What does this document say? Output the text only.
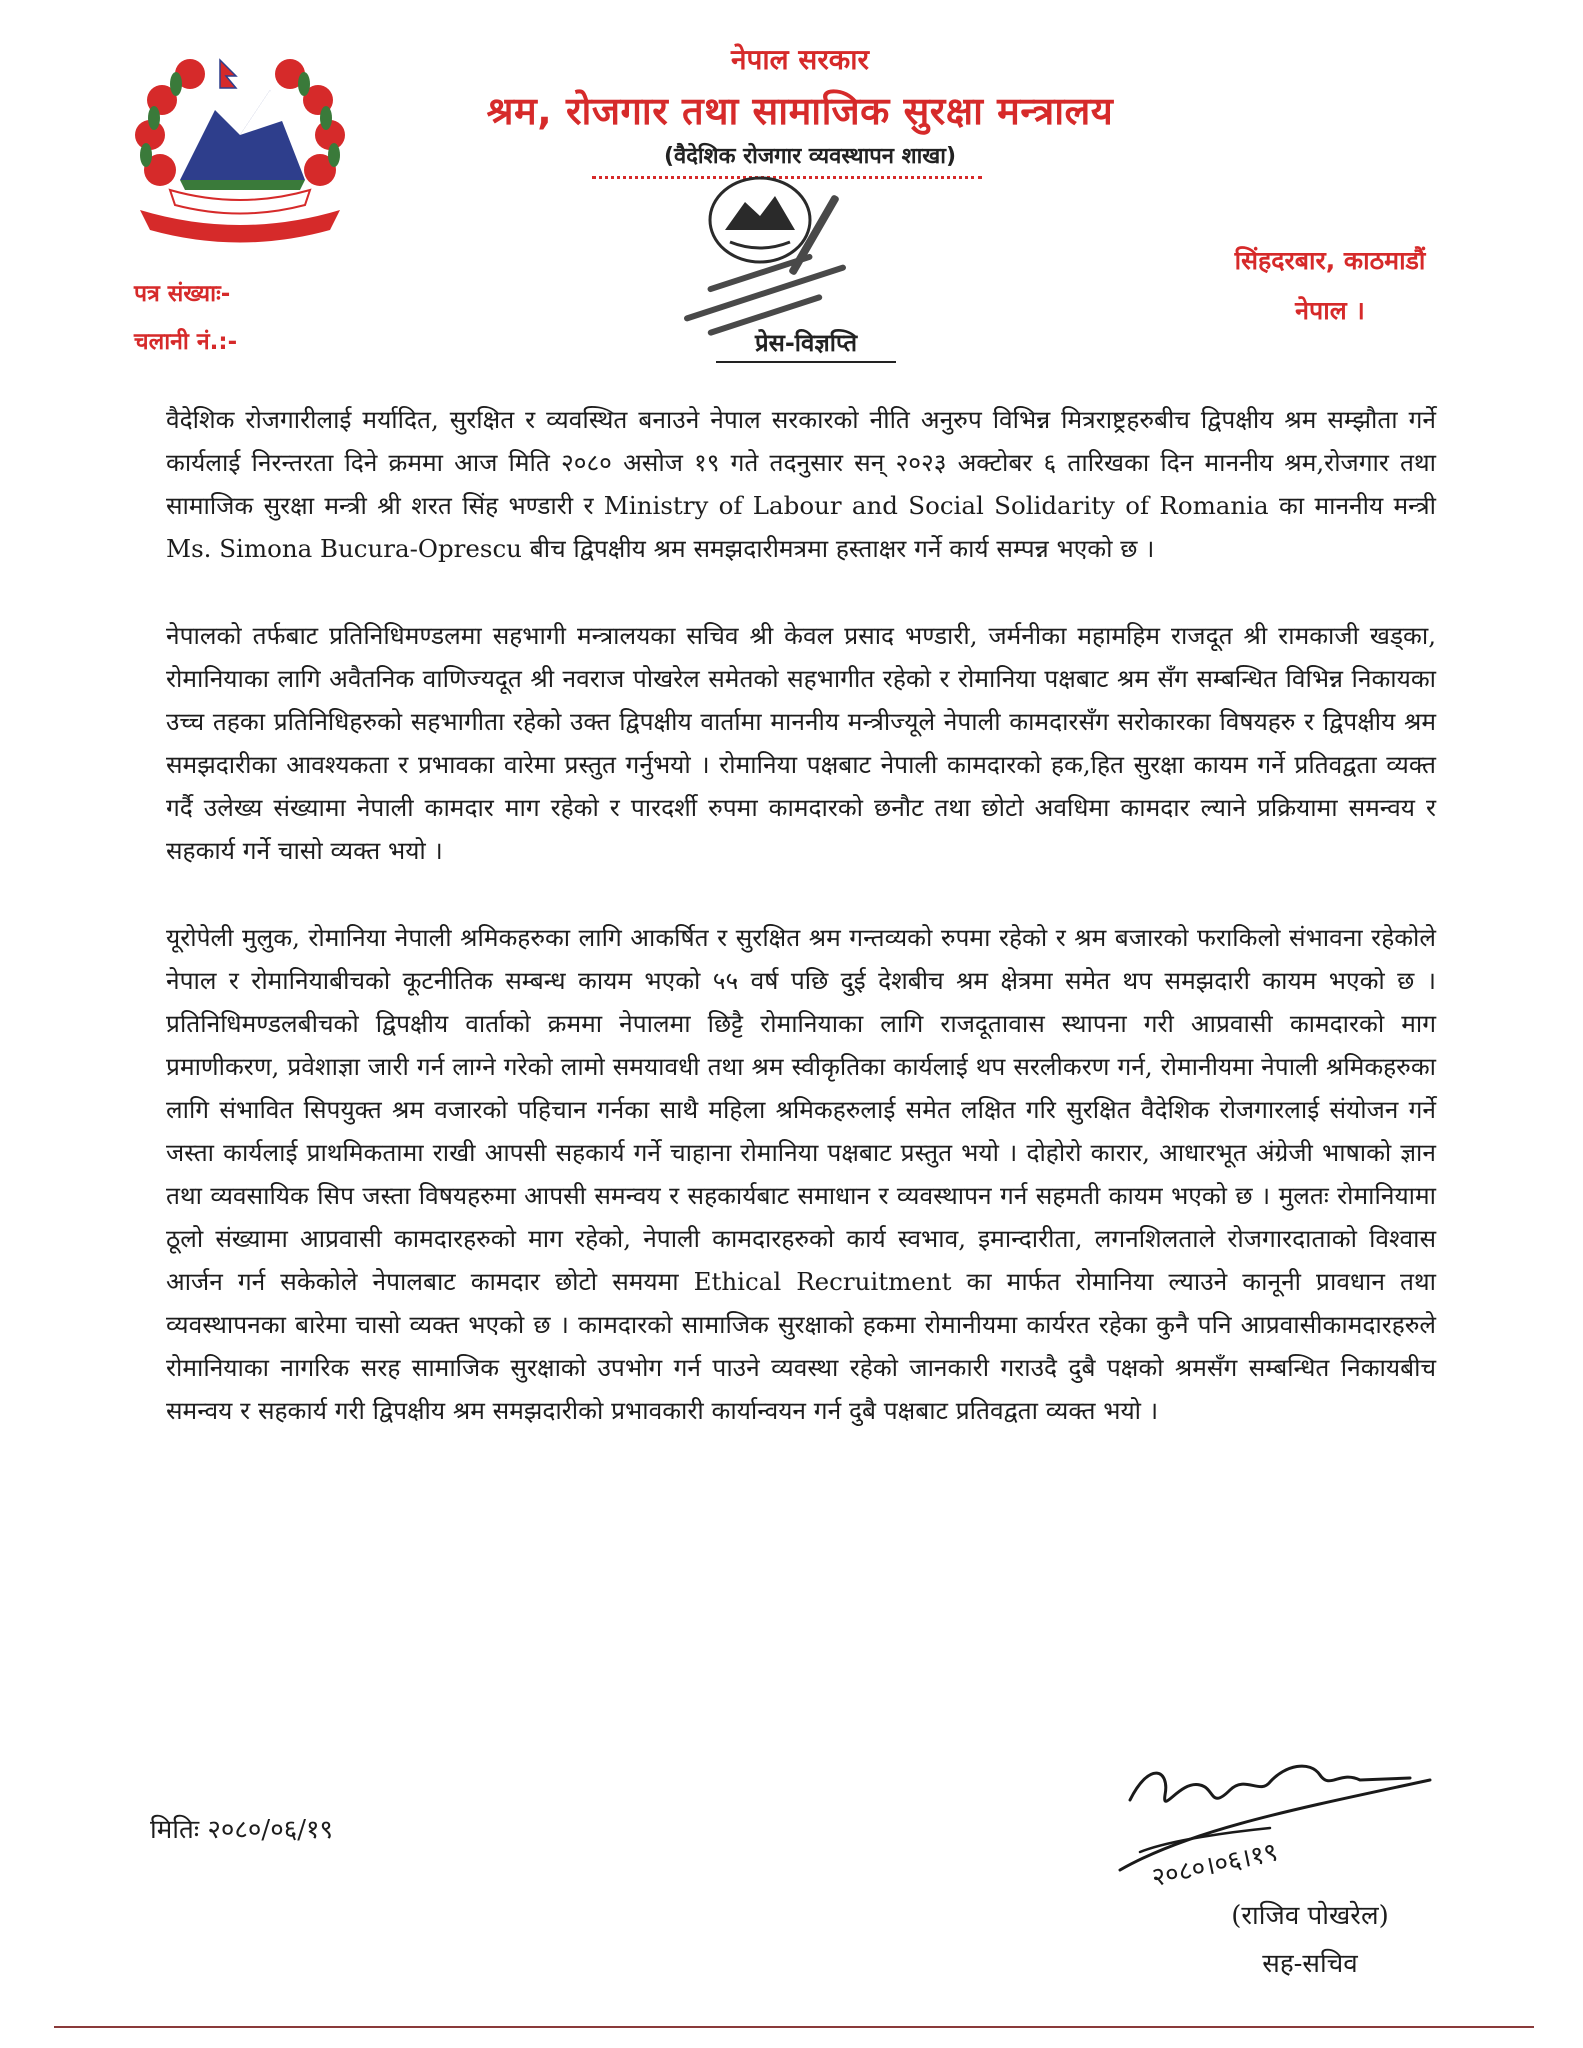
नेपाल सरकार
श्रम, रोजगार तथा सामाजिक सुरक्षा मन्त्रालय
(वैदेशिक रोजगार व्यवस्थापन शाखा)
सिंहदरबार, काठमाडौं
नेपाल ।
पत्र संख्याः-
चलानी नं.:-	प्रेस-विज्ञप्ति

वैदेशिक रोजगारीलाई मर्यादित, सुरक्षित र व्यवस्थित बनाउने नेपाल सरकारको नीति अनुरुप विभिन्न मित्रराष्ट्रहरुबीच द्विपक्षीय श्रम सम्झौता गर्ने कार्यलाई निरन्तरता दिने क्रममा आज मिति २०८० असोज १९ गते तदनुसार सन् २०२३ अक्टोबर ६ तारिखका दिन माननीय श्रम,रोजगार तथा सामाजिक सुरक्षा मन्त्री श्री शरत सिंह भण्डारी र Ministry of Labour and Social Solidarity of Romania का माननीय मन्त्री Ms. Simona Bucura-Oprescu बीच द्विपक्षीय श्रम समझदारीमत्रमा हस्ताक्षर गर्ने कार्य सम्पन्न भएको छ ।

नेपालको तर्फबाट प्रतिनिधिमण्डलमा सहभागी मन्त्रालयका सचिव श्री केवल प्रसाद भण्डारी, जर्मनीका महामहिम राजदूत श्री रामकाजी खड्का, रोमानियाका लागि अवैतनिक वाणिज्यदूत श्री नवराज पोखरेल समेतको सहभागीत रहेको र रोमानिया पक्षबाट श्रम सँग सम्बन्धित विभिन्न निकायका उच्च तहका प्रतिनिधिहरुको सहभागीता रहेको उक्त द्विपक्षीय वार्तामा माननीय मन्त्रीज्यूले नेपाली कामदारसँग सरोकारका विषयहरु र द्विपक्षीय श्रम समझदारीका आवश्यकता र प्रभावका वारेमा प्रस्तुत गर्नुभयो । रोमानिया पक्षबाट नेपाली कामदारको हक,हित सुरक्षा कायम गर्ने प्रतिवद्वता व्यक्त गर्दै उलेख्य संख्यामा नेपाली कामदार माग रहेको र पारदर्शी रुपमा कामदारको छनौट तथा छोटो अवधिमा कामदार ल्याने प्रक्रियामा समन्वय र सहकार्य गर्ने चासो व्यक्त भयो ।

यूरोपेली मुलुक, रोमानिया नेपाली श्रमिकहरुका लागि आकर्षित र सुरक्षित श्रम गन्तव्यको रुपमा रहेको र श्रम बजारको फराकिलो संभावना रहेकोले नेपाल र रोमानियाबीचको कूटनीतिक सम्बन्ध कायम भएको ५५ वर्ष पछि दुई देशबीच श्रम क्षेत्रमा समेत थप समझदारी कायम भएको छ । प्रतिनिधिमण्डलबीचको द्विपक्षीय वार्ताको क्रममा नेपालमा छिट्टै रोमानियाका लागि राजदूतावास स्थापना गरी आप्रवासी कामदारको माग प्रमाणीकरण, प्रवेशाज्ञा जारी गर्न लाग्ने गरेको लामो समयावधी तथा श्रम स्वीकृतिका कार्यलाई थप सरलीकरण गर्न, रोमानीयमा नेपाली श्रमिकहरुका लागि संभावित सिपयुक्त श्रम वजारको पहिचान गर्नका साथै महिला श्रमिकहरुलाई समेत लक्षित गरि सुरक्षित वैदेशिक रोजगारलाई संयोजन गर्ने जस्ता कार्यलाई प्राथमिकतामा राखी आपसी सहकार्य गर्ने चाहाना रोमानिया पक्षबाट प्रस्तुत भयो । दोहोरो कारार, आधारभूत अंग्रेजी भाषाको ज्ञान तथा व्यवसायिक सिप जस्ता विषयहरुमा आपसी समन्वय र सहकार्यबाट समाधान र व्यवस्थापन गर्न सहमती कायम भएको छ । मुलतः रोमानियामा ठूलो संख्यामा आप्रवासी कामदारहरुको माग रहेको, नेपाली कामदारहरुको कार्य स्वभाव, इमान्दारीता, लगनशिलताले रोजगारदाताको विश्वास आर्जन गर्न सकेकोले नेपालबाट कामदार छोटो समयमा Ethical Recruitment का मार्फत रोमानिया ल्याउने कानूनी प्रावधान तथा व्यवस्थापनका बारेमा चासो व्यक्त भएको छ । कामदारको सामाजिक सुरक्षाको हकमा रोमानीयमा कार्यरत रहेका कुनै पनि आप्रवासीकामदारहरुले रोमानियाका नागरिक सरह सामाजिक सुरक्षाको उपभोग गर्न पाउने व्यवस्था रहेको जानकारी गराउदै दुबै पक्षको श्रमसँग सम्बन्धित निकायबीच समन्वय र सहकार्य गरी द्विपक्षीय श्रम समझदारीको प्रभावकारी कार्यान्वयन गर्न दुबै पक्षबाट प्रतिवद्वता व्यक्त भयो ।

मितिः २०८०/०६/१९
२०८०।०६।१९
(राजिव पोखरेल)
सह-सचिव
